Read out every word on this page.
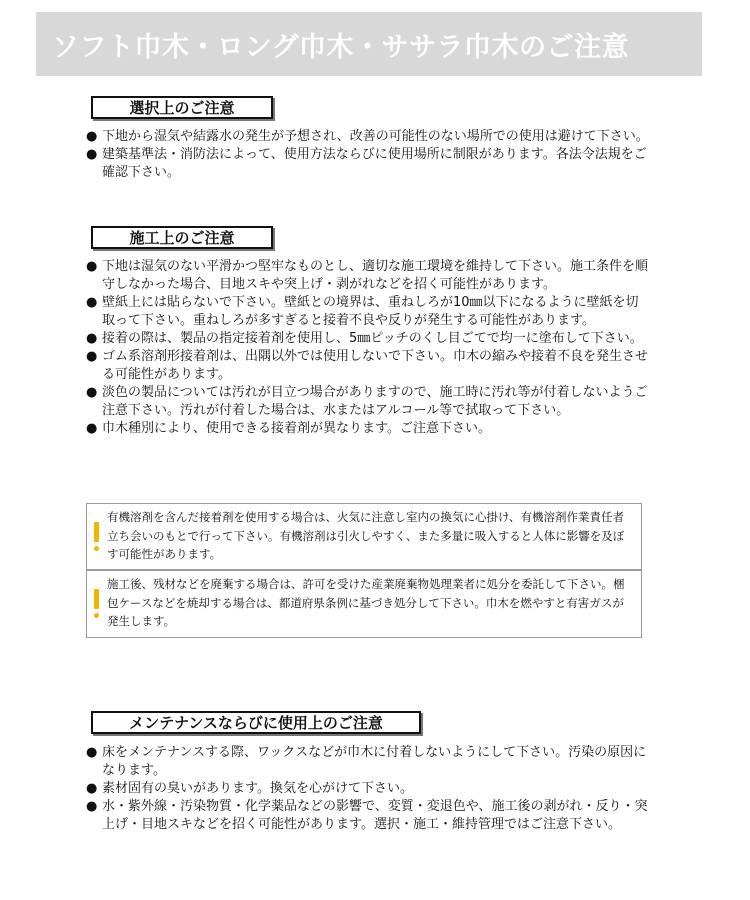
ソフト巾木・ロング巾木・ササラ巾木のご注意
選択上のご注意
● 下地から湿気や結露水の発生が予想され、改善の可能性のない場所での使用は避けて下さい。
● 建築基準法・消防法によって、使用方法ならびに使用場所に制限があります。各法令法規をご確認下さい。
施工上のご注意
● 下地は湿気のない平滑かつ堅牢なものとし、適切な施工環境を維持して下さい。施工条件を順守しなかった場合、目地スキや突上げ・剥がれなどを招く可能性があります。
● 壁紙上には貼らないで下さい。壁紙との境界は、重ねしろが10㎜以下になるように壁紙を切取って下さい。重ねしろが多すぎると接着不良や反りが発生する可能性があります。
● 接着の際は、製品の指定接着剤を使用し、5㎜ピッチのくし目ごてで均一に塗布して下さい。
● ゴム系溶剤形接着剤は、出隅以外では使用しないで下さい。巾木の縮みや接着不良を発生させる可能性があります。
● 淡色の製品については汚れが目立つ場合がありますので、施工時に汚れ等が付着しないようご注意下さい。汚れが付着した場合は、水またはアルコール等で拭取って下さい。
● 巾木種別により、使用できる接着剤が異なります。ご注意下さい。
有機溶剤を含んだ接着剤を使用する場合は、火気に注意し室内の換気に心掛け、有機溶剤作業責任者立ち会いのもとで行って下さい。有機溶剤は引火しやすく、また多量に吸入すると人体に影響を及ぼす可能性があります。
施工後、残材などを廃棄する場合は、許可を受けた産業廃棄物処理業者に処分を委託して下さい。梱包ケースなどを焼却する場合は、都道府県条例に基づき処分して下さい。巾木を燃やすと有害ガスが発生します。
メンテナンスならびに使用上のご注意
● 床をメンテナンスする際、ワックスなどが巾木に付着しないようにして下さい。汚染の原因になります。
● 素材固有の臭いがあります。換気を心がけて下さい。
● 水・紫外線・汚染物質・化学薬品などの影響で、変質・変退色や、施工後の剥がれ・反り・突上げ・目地スキなどを招く可能性があります。選択・施工・維持管理ではご注意下さい。
